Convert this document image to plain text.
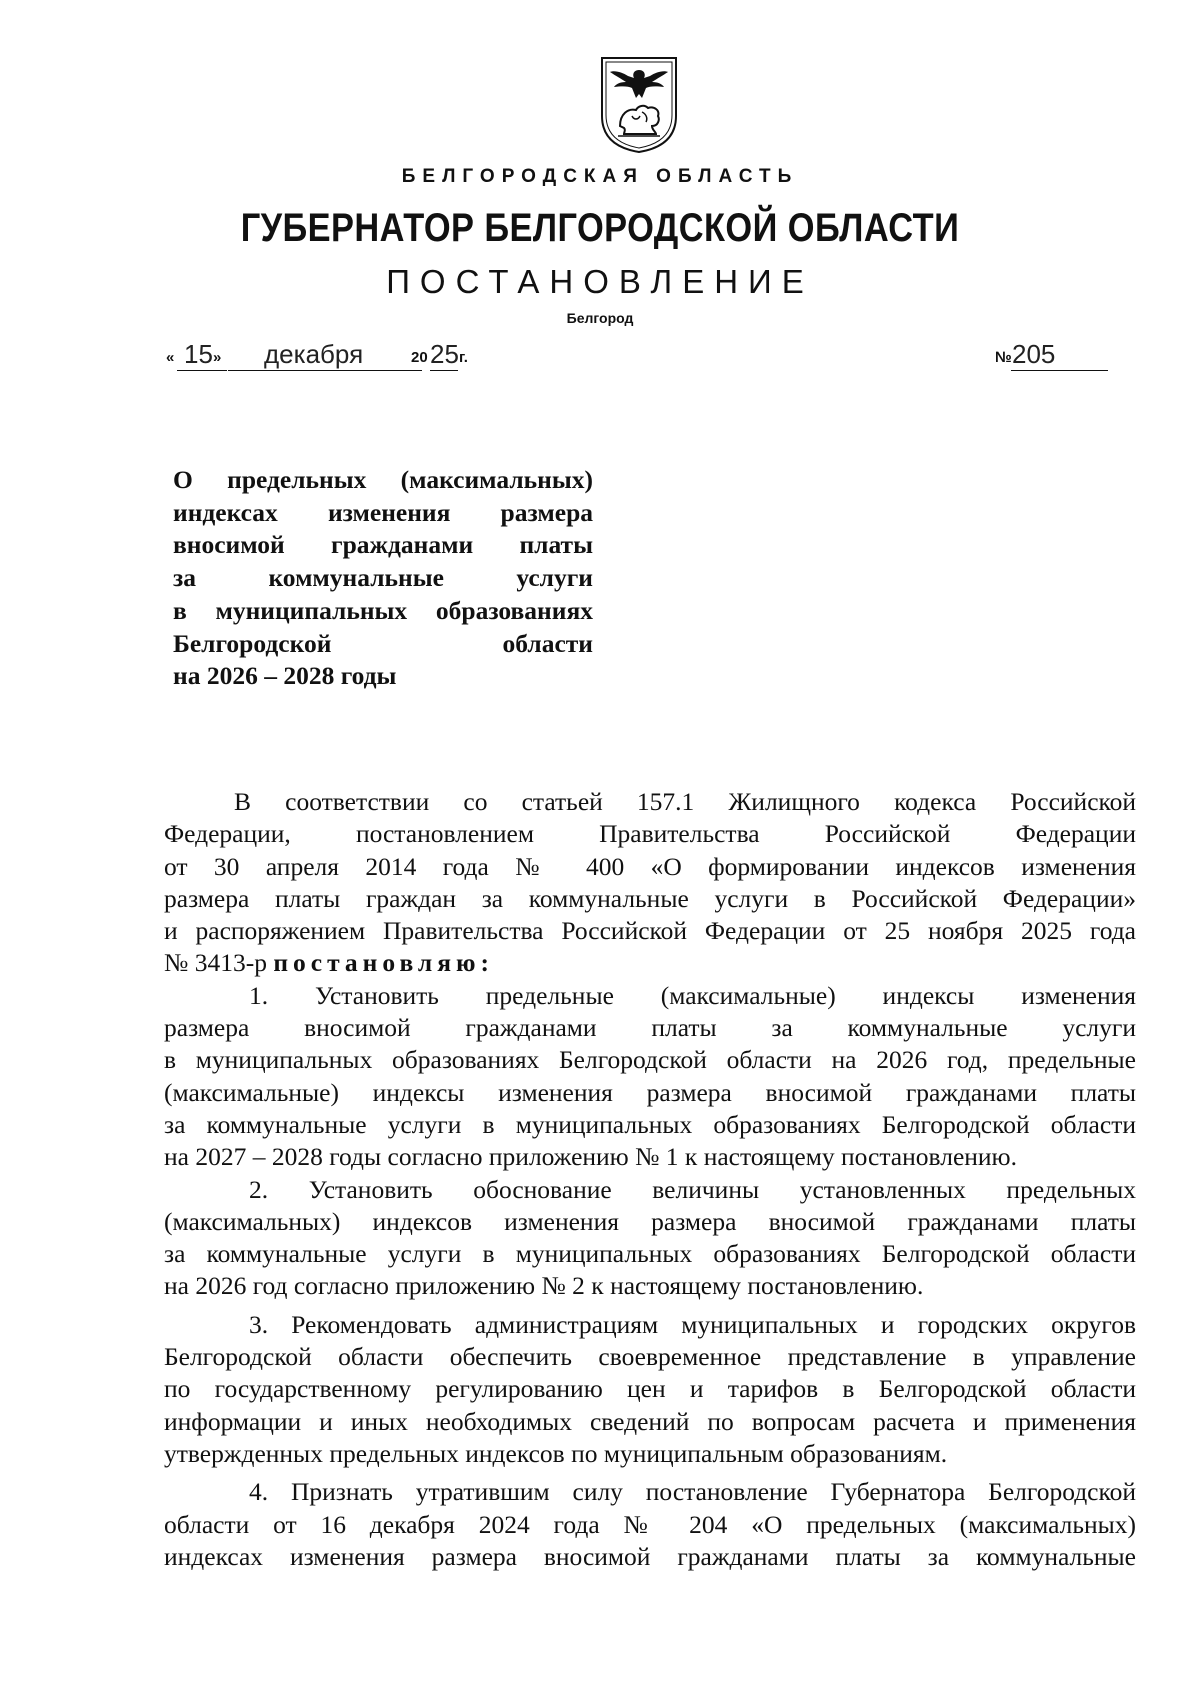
БЕЛГОРОДСКАЯ ОБЛАСТЬ
ГУБЕРНАТОР БЕЛГОРОДСКОЙ ОБЛАСТИ
ПОСТАНОВЛЕНИЕ
Белгород
« 15 » декабря	20 25 г.	№ 205
О предельных (максимальных)
индексах изменения размера
вносимой гражданами платы
за коммунальные услуги
в муниципальных образованиях
Белгородской области
на 2026 – 2028 годы
В соответствии со статьей 157.1 Жилищного кодекса Российской
Федерации, постановлением Правительства Российской Федерации
от 30 апреля 2014 года № 400 «О формировании индексов изменения
размера платы граждан за коммунальные услуги в Российской Федерации»
и распоряжением Правительства Российской Федерации от 25 ноября 2025 года
№ 3413-р постановляю:
1. Установить предельные (максимальные) индексы изменения
размера вносимой гражданами платы за коммунальные услуги
в муниципальных образованиях Белгородской области на 2026 год, предельные
(максимальные) индексы изменения размера вносимой гражданами платы
за коммунальные услуги в муниципальных образованиях Белгородской области
на 2027 – 2028 годы согласно приложению № 1 к настоящему постановлению.
2. Установить обоснование величины установленных предельных
(максимальных) индексов изменения размера вносимой гражданами платы
за коммунальные услуги в муниципальных образованиях Белгородской области
на 2026 год согласно приложению № 2 к настоящему постановлению.
3. Рекомендовать администрациям муниципальных и городских округов
Белгородской области обеспечить своевременное представление в управление
по государственному регулированию цен и тарифов в Белгородской области
информации и иных необходимых сведений по вопросам расчета и применения
утвержденных предельных индексов по муниципальным образованиям.
4. Признать утратившим силу постановление Губернатора Белгородской
области от 16 декабря 2024 года № 204 «О предельных (максимальных)
индексах изменения размера вносимой гражданами платы за коммунальные
